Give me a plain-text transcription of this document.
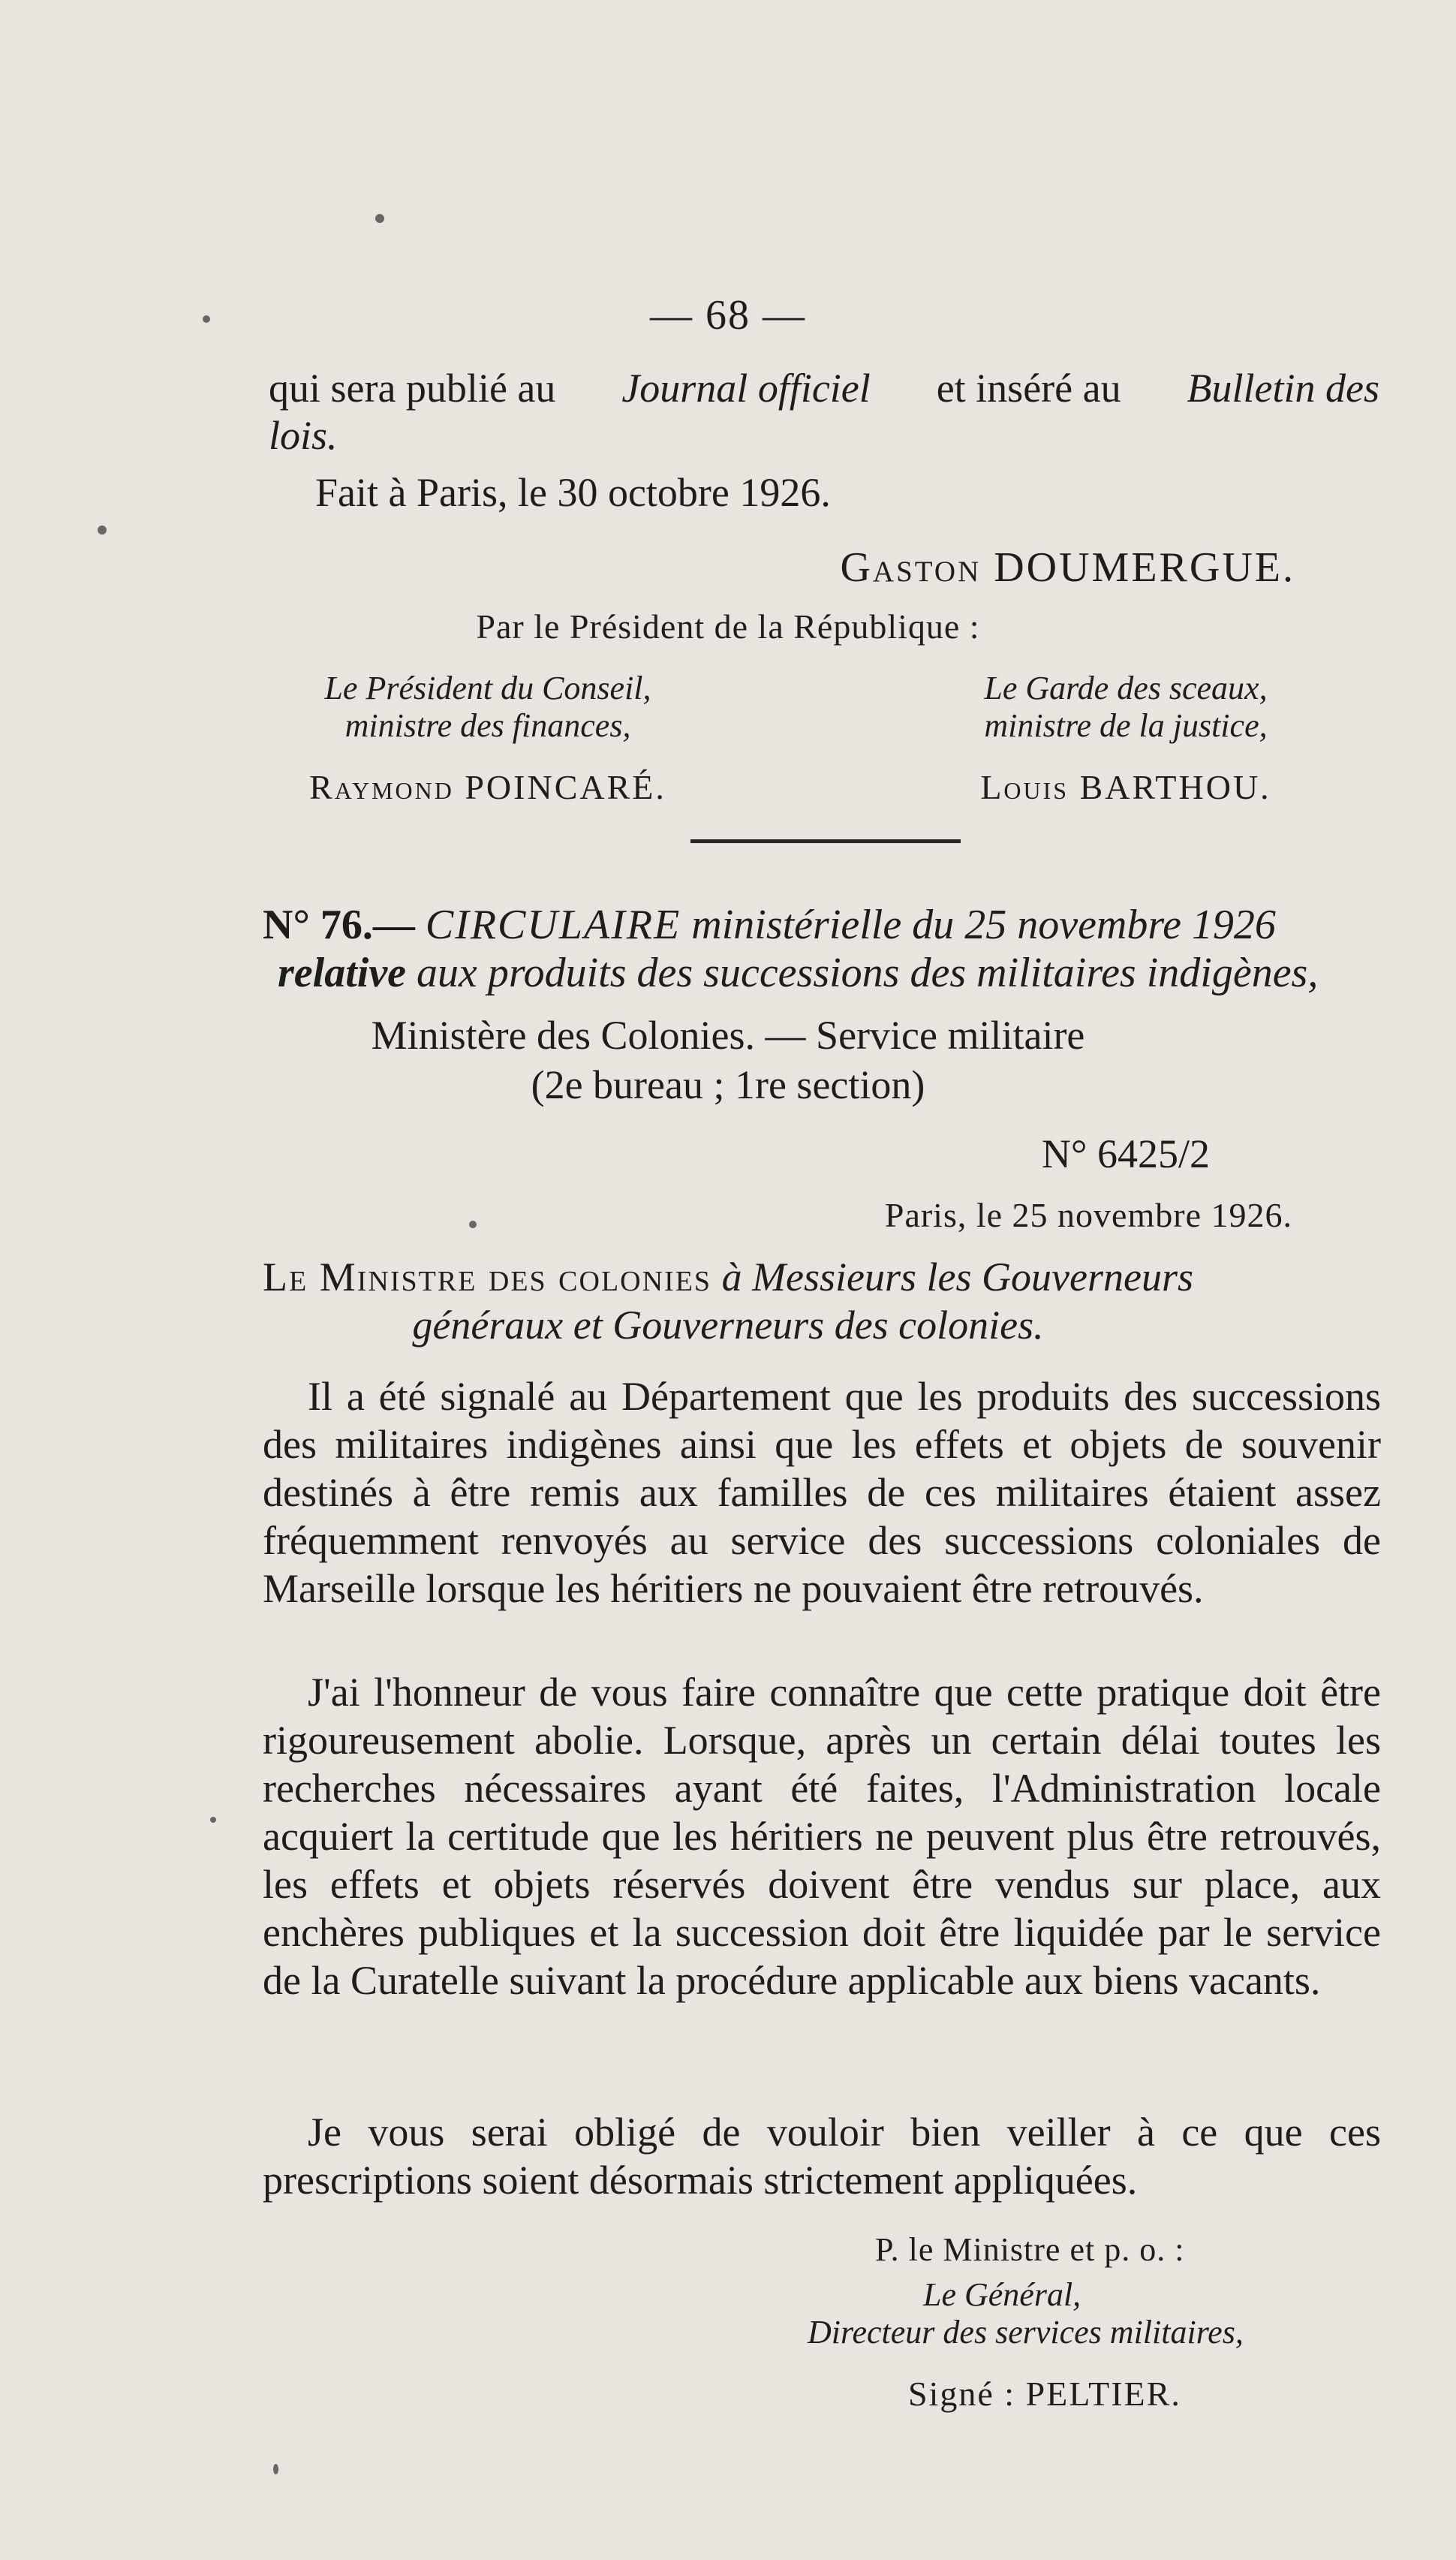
— 68 —
qui sera publié au Journal officiel et inséré au Bulletin des
lois.
Fait à Paris, le 30 octobre 1926.
Gaston DOUMERGUE.
Par le Président de la République :
Le Président du Conseil,
ministre des finances,
Le Garde des sceaux,
ministre de la justice,
Raymond POINCARÉ.	Louis BARTHOU.
N° 76.— CIRCULAIRE ministérielle du 25 novembre 1926
relative aux produits des successions des militaires indigènes,
Ministère des Colonies. — Service militaire
(2e bureau ; 1re section)
N° 6425/2
Paris, le 25 novembre 1926.
Le Ministre des colonies à Messieurs les Gouverneurs
généraux et Gouverneurs des colonies.

Il a été signalé au Département que les produits des successions des militaires indigènes ainsi que les effets et objets de souvenir destinés à être remis aux familles de ces militaires étaient assez fréquemment renvoyés au service des successions coloniales de Marseille lorsque les héritiers ne pouvaient être retrouvés.

J'ai l'honneur de vous faire connaître que cette pratique doit être rigoureusement abolie. Lorsque, après un certain délai toutes les recherches nécessaires ayant été faites, l'Administration locale acquiert la certitude que les héritiers ne peuvent plus être retrouvés, les effets et objets réservés doivent être vendus sur place, aux enchères publiques et la succession doit être liquidée par le service de la Curatelle suivant la procédure applicable aux biens vacants.

Je vous serai obligé de vouloir bien veiller à ce que ces prescriptions soient désormais strictement appliquées.

P. le Ministre et p. o. :
Le Général,
Directeur des services militaires,
Signé : PELTIER.
